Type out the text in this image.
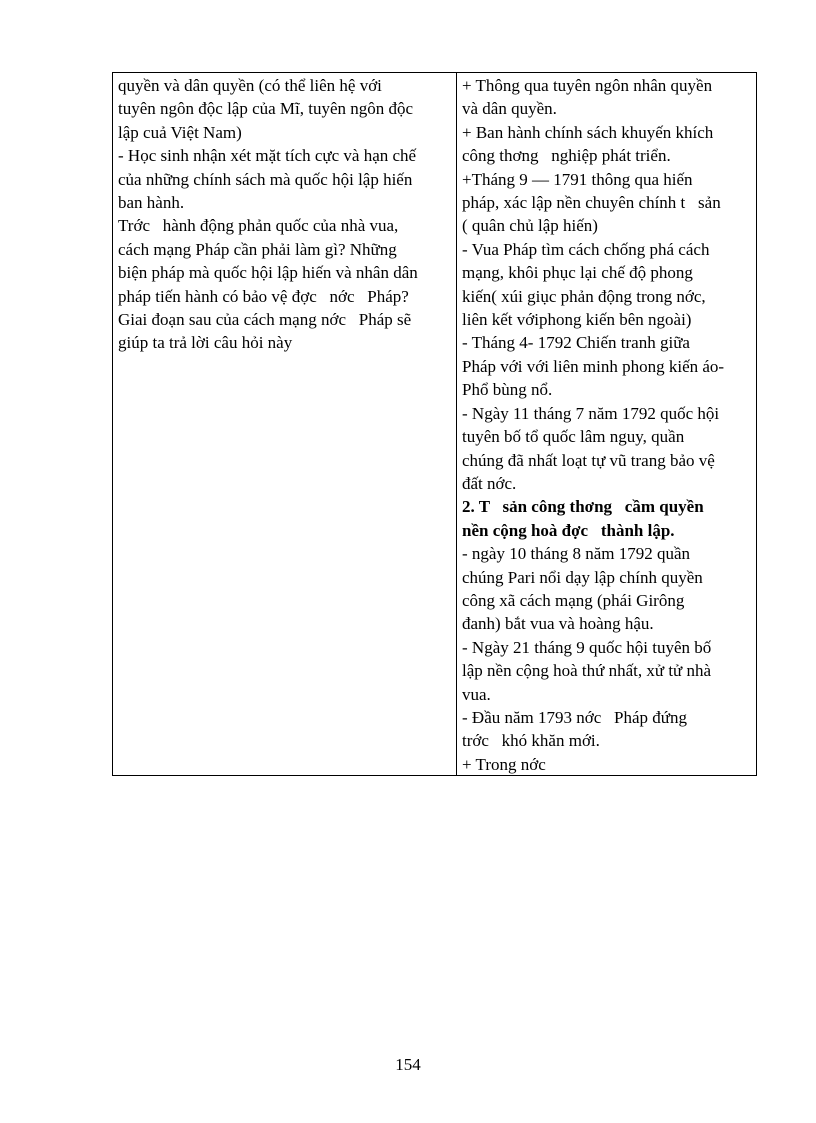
quyền và dân quyền (có thể liên hệ với
tuyên ngôn độc lập của Mĩ, tuyên ngôn độc
lập cuả Việt Nam)
- Học sinh nhận xét mặt tích cực và hạn chế
của những chính sách mà quốc hội lập hiến
ban hành.
Trớc   hành động phản quốc của nhà vua,
cách mạng Pháp cần phải làm gì? Những
biện pháp mà quốc hội lập hiến và nhân dân
pháp tiến hành có bảo vệ đợc   nớc   Pháp?
Giai đoạn sau của cách mạng nớc   Pháp sẽ
giúp ta trả lời câu hỏi này
+ Thông qua tuyên ngôn nhân quyền
và dân quyền.
+ Ban hành chính sách khuyến khích
công thơng   nghiệp phát triển.
+Tháng 9 — 1791 thông qua hiến
pháp, xác lập nền chuyên chính t   sản
( quân chủ lập hiến)
- Vua Pháp tìm cách chống phá cách
mạng, khôi phục lại chế độ phong
kiến( xúi giục phản động trong nớc,
liên kết vớiphong kiến bên ngoài)
- Tháng 4- 1792 Chiến tranh giữa
Pháp với với liên minh phong kiến áo-
Phổ bùng nổ.
- Ngày 11 tháng 7 năm 1792 quốc hội
tuyên bố tổ quốc lâm nguy, quần
chúng đã nhất loạt tự vũ trang bảo vệ
đất nớc.
2. T   sản công thơng   cầm quyền
nền cộng hoà đợc   thành lập.
- ngày 10 tháng 8 năm 1792 quần
chúng Pari nổi dạy lập chính quyền
công xã cách mạng (phái Girông
đanh) bắt vua và hoàng hậu.
- Ngày 21 tháng 9 quốc hội tuyên bố
lập nền cộng hoà thứ nhất, xử tử nhà
vua.
- Đầu năm 1793 nớc   Pháp đứng
trớc   khó khăn mới.
+ Trong nớc
154
